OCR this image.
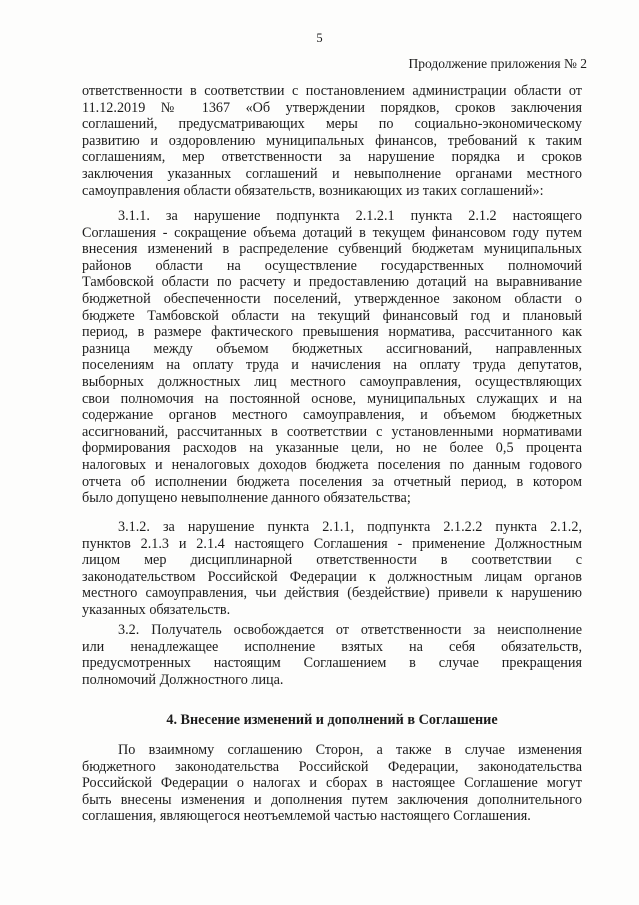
5
Продолжение приложения № 2
ответственности в соответствии с постановлением администрации области от
11.12.2019 № 1367 «Об утверждении порядков, сроков заключения
соглашений, предусматривающих меры по социально-экономическому
развитию и оздоровлению муниципальных финансов, требований к таким
соглашениям, мер ответственности за нарушение порядка и сроков
заключения указанных соглашений и невыполнение органами местного
самоуправления области обязательств, возникающих из таких соглашений»:
3.1.1. за нарушение подпункта 2.1.2.1 пункта 2.1.2 настоящего
Соглашения - сокращение объема дотаций в текущем финансовом году путем
внесения изменений в распределение субвенций бюджетам муниципальных
районов области на осуществление государственных полномочий
Тамбовской области по расчету и предоставлению дотаций на выравнивание
бюджетной обеспеченности поселений, утвержденное законом области о
бюджете Тамбовской области на текущий финансовый год и плановый
период, в размере фактического превышения норматива, рассчитанного как
разница между объемом бюджетных ассигнований, направленных
поселениям на оплату труда и начисления на оплату труда депутатов,
выборных должностных лиц местного самоуправления, осуществляющих
свои полномочия на постоянной основе, муниципальных служащих и на
содержание органов местного самоуправления, и объемом бюджетных
ассигнований, рассчитанных в соответствии с установленными нормативами
формирования расходов на указанные цели, но не более 0,5 процента
налоговых и неналоговых доходов бюджета поселения по данным годового
отчета об исполнении бюджета поселения за отчетный период, в котором
было допущено невыполнение данного обязательства;
3.1.2. за нарушение пункта 2.1.1, подпункта 2.1.2.2 пункта 2.1.2,
пунктов 2.1.3 и 2.1.4 настоящего Соглашения - применение Должностным
лицом мер дисциплинарной ответственности в соответствии с
законодательством Российской Федерации к должностным лицам органов
местного самоуправления, чьи действия (бездействие) привели к нарушению
указанных обязательств.
3.2. Получатель освобождается от ответственности за неисполнение
или ненадлежащее исполнение взятых на себя обязательств,
предусмотренных настоящим Соглашением в случае прекращения
полномочий Должностного лица.
4. Внесение изменений и дополнений в Соглашение
По взаимному соглашению Сторон, а также в случае изменения
бюджетного законодательства Российской Федерации, законодательства
Российской Федерации о налогах и сборах в настоящее Соглашение могут
быть внесены изменения и дополнения путем заключения дополнительного
соглашения, являющегося неотъемлемой частью настоящего Соглашения.
